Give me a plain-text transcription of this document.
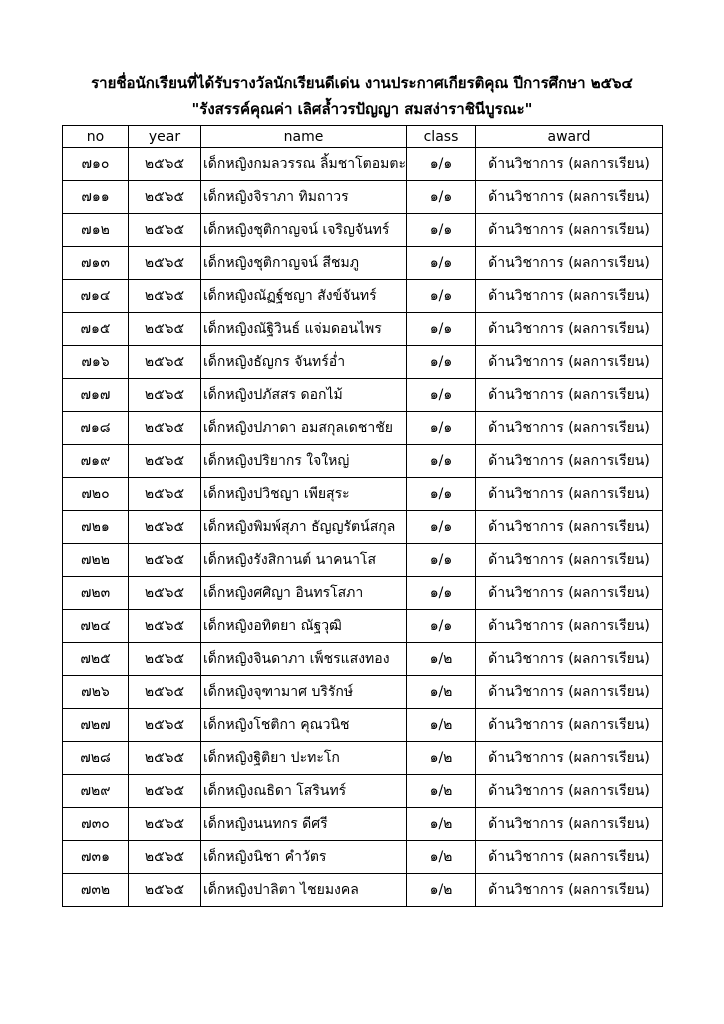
รายชื่อนักเรียนที่ได้รับรางวัลนักเรียนดีเด่น งานประกาศเกียรติคุณ ปีการศึกษา ๒๕๖๔
"รังสรรค์คุณค่า เลิศล้ำวรปัญญา สมสง่าราชินีบูรณะ"
no	year	name	class	award
๗๑๐	๒๕๖๕	เด็กหญิงกมลวรรณ ลิ้มชาโตอมตะ	๑/๑	ด้านวิชาการ (ผลการเรียน)
๗๑๑	๒๕๖๕	เด็กหญิงจิราภา ทิมถาวร	๑/๑	ด้านวิชาการ (ผลการเรียน)
๗๑๒	๒๕๖๕	เด็กหญิงชุติกาญจน์ เจริญจันทร์	๑/๑	ด้านวิชาการ (ผลการเรียน)
๗๑๓	๒๕๖๕	เด็กหญิงชุติกาญจน์ สีชมภู	๑/๑	ด้านวิชาการ (ผลการเรียน)
๗๑๔	๒๕๖๕	เด็กหญิงณัฏฐ์ชญา สังข์จันทร์	๑/๑	ด้านวิชาการ (ผลการเรียน)
๗๑๕	๒๕๖๕	เด็กหญิงณัฐิวินธ์ แจ่มดอนไพร	๑/๑	ด้านวิชาการ (ผลการเรียน)
๗๑๖	๒๕๖๕	เด็กหญิงธัญกร จันทร์อ่ำ	๑/๑	ด้านวิชาการ (ผลการเรียน)
๗๑๗	๒๕๖๕	เด็กหญิงปภัสสร ดอกไม้	๑/๑	ด้านวิชาการ (ผลการเรียน)
๗๑๘	๒๕๖๕	เด็กหญิงปภาดา อมสกุลเดชาชัย	๑/๑	ด้านวิชาการ (ผลการเรียน)
๗๑๙	๒๕๖๕	เด็กหญิงปริยากร ใจใหญ่	๑/๑	ด้านวิชาการ (ผลการเรียน)
๗๒๐	๒๕๖๕	เด็กหญิงปวิชญา เพียสุระ	๑/๑	ด้านวิชาการ (ผลการเรียน)
๗๒๑	๒๕๖๕	เด็กหญิงพิมพ์สุภา ธัญญรัตน์สกุล	๑/๑	ด้านวิชาการ (ผลการเรียน)
๗๒๒	๒๕๖๕	เด็กหญิงรังสิกานต์ นาคนาโส	๑/๑	ด้านวิชาการ (ผลการเรียน)
๗๒๓	๒๕๖๕	เด็กหญิงศศิญา อินทรโสภา	๑/๑	ด้านวิชาการ (ผลการเรียน)
๗๒๔	๒๕๖๕	เด็กหญิงอทิตยา ณัฐวุฒิ	๑/๑	ด้านวิชาการ (ผลการเรียน)
๗๒๕	๒๕๖๕	เด็กหญิงจินดาภา เพ็ชรแสงทอง	๑/๒	ด้านวิชาการ (ผลการเรียน)
๗๒๖	๒๕๖๕	เด็กหญิงจุฑามาศ บริรักษ์	๑/๒	ด้านวิชาการ (ผลการเรียน)
๗๒๗	๒๕๖๕	เด็กหญิงโชติกา คุณวนิช	๑/๒	ด้านวิชาการ (ผลการเรียน)
๗๒๘	๒๕๖๕	เด็กหญิงฐิติยา ปะทะโก	๑/๒	ด้านวิชาการ (ผลการเรียน)
๗๒๙	๒๕๖๕	เด็กหญิงณธิดา โสรินทร์	๑/๒	ด้านวิชาการ (ผลการเรียน)
๗๓๐	๒๕๖๕	เด็กหญิงนนทกร ดีศรี	๑/๒	ด้านวิชาการ (ผลการเรียน)
๗๓๑	๒๕๖๕	เด็กหญิงนิชา คำวัตร	๑/๒	ด้านวิชาการ (ผลการเรียน)
๗๓๒	๒๕๖๕	เด็กหญิงปาลิตา ไชยมงคล	๑/๒	ด้านวิชาการ (ผลการเรียน)
